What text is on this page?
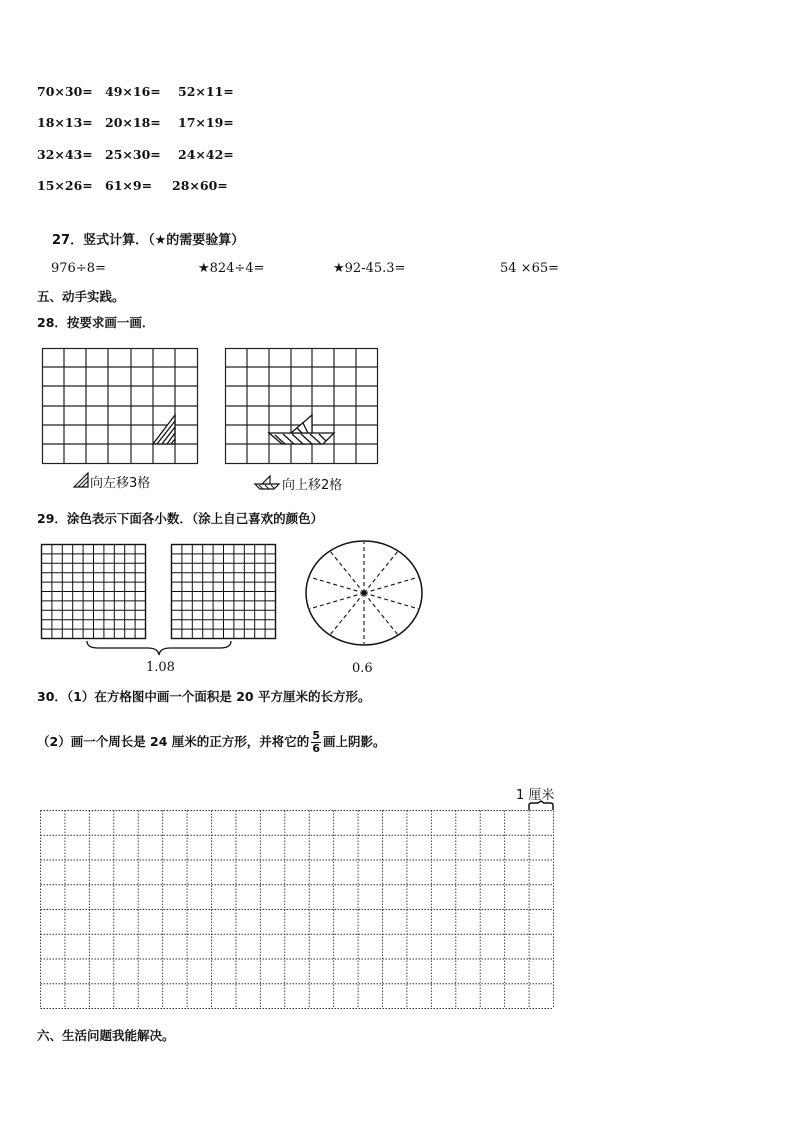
70×30= 49×16= 52×11=
18×13= 20×18= 17×19=
32×43= 25×30= 24×42=
15×26= 61×9= 28×60=
27．竖式计算．（★的需要验算）
976÷8=	★824÷4=	★92-45.3=	54 ×65=
五、动手实践。
28．按要求画一画．
向左移3格	向上移2格
29．涂色表示下面各小数．（涂上自己喜欢的颜色）
1.08	0.6
30．（1）在方格图中画一个面积是 20 平方厘米的长方形。
（2）画一个周长是 24 厘米的正方形，并将它的 $\frac{5}{6}$ 画上阴影。
1 厘米
六、生活问题我能解决。
